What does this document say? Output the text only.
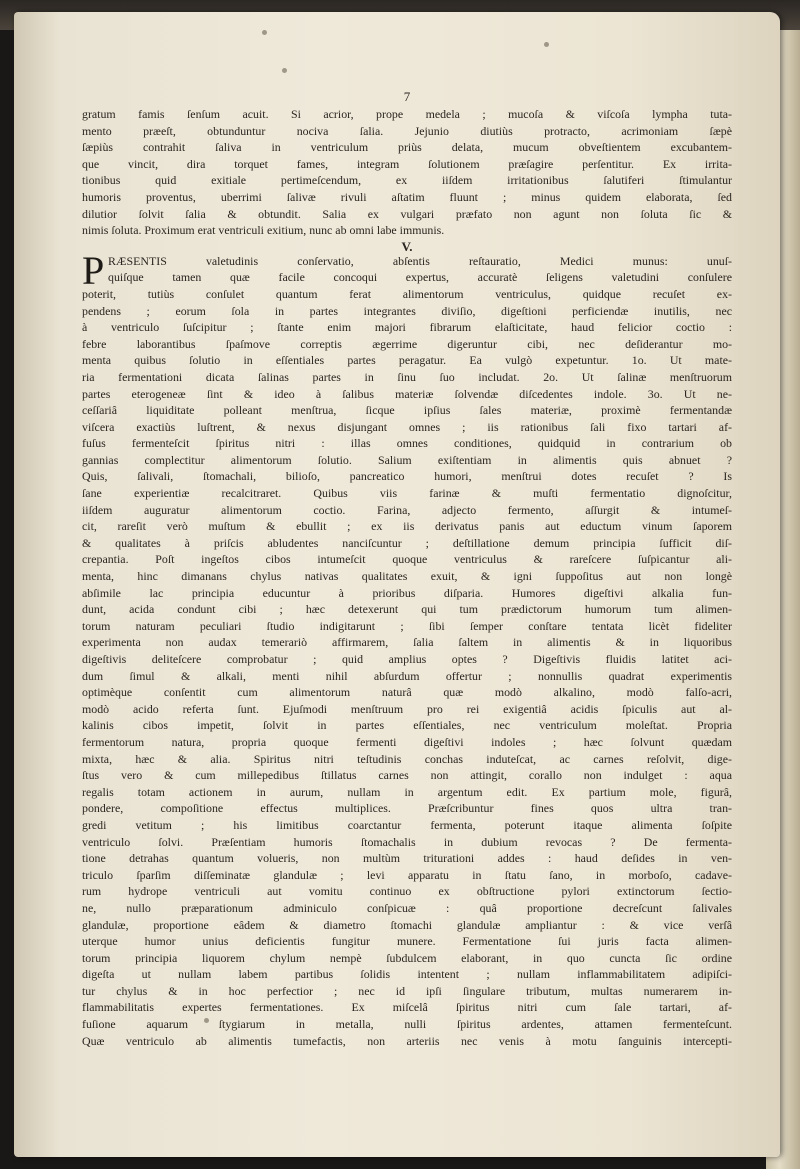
7
gratum famis ſenſum acuit. Si acrior, prope medela ; mucoſa & viſcoſa lympha tuta-
mento præeſt, obtunduntur nociva ſalia. Jejunio diutiùs protracto, acrimoniam ſæpè
ſæpiùs contrahit ſaliva in ventriculum priùs delata, mucum obveſtientem excubantem-
que vincit, dira torquet fames, integram ſolutionem præſagire perſentitur. Ex irrita-
tionibus quid exitiale pertimeſcendum, ex iiſdem irritationibus ſalutiferi ſtimulantur
humoris proventus, uberrimi ſalivæ rivuli aſtatim fluunt ; minus quidem elaborata, ſed
dilutior ſolvit ſalia & obtundit. Salia ex vulgari præfato non agunt non ſoluta ſic &
nimis ſoluta. Proximum erat ventriculi exitium, nunc ab omni labe immunis.
V.
P RÆSENTIS valetudinis conſervatio, abſentis reſtauratio, Medici munus: unuſ-
quiſque tamen quæ facile concoqui expertus, accuratè ſeligens valetudini conſulere
poterit, tutiùs conſulet quantum ferat alimentorum ventriculus, quidque recuſet ex-
pendens ; eorum ſola in partes integrantes diviſio, digeſtioni perficiendæ inutilis, nec
à ventriculo ſuſcipitur ; ſtante enim majori fibrarum elaſticitate, haud felicior coctio :
febre laborantibus ſpaſmove correptis ægerrime digeruntur cibi, nec deſiderantur mo-
menta quibus ſolutio in eſſentiales partes peragatur. Ea vulgò expetuntur. 1o. Ut mate-
ria fermentationi dicata ſalinas partes in ſinu ſuo includat. 2o. Ut ſalinæ menſtruorum
partes eterogeneæ ſint & ideo à ſalibus materiæ ſolvendæ diſcedentes indole. 3o. Ut ne-
ceſſariâ liquiditate polleant menſtrua, ſicque ipſius ſales materiæ, proximè fermentandæ
viſcera exactiùs luſtrent, & nexus disjungant omnes ; iis rationibus ſali fixo tartari af-
fuſus fermenteſcit ſpiritus nitri : illas omnes conditiones, quidquid in contrarium ob
gannias complectitur alimentorum ſolutio. Salium exiſtentiam in alimentis quis abnuet ?
Quis, ſalivali, ſtomachali, bilioſo, pancreatico humori, menſtrui dotes recuſet ? Is
ſane experientiæ recalcitraret. Quibus viis farinæ & muſti fermentatio dignoſcitur,
iiſdem auguratur alimentorum coctio. Farina, adjecto fermento, aſſurgit & intumeſ-
cit, rareſit verò muſtum & ebullit ; ex iis derivatus panis aut eductum vinum ſaporem
& qualitates à priſcis abludentes nanciſcuntur ; deſtillatione demum principia ſufficit diſ-
crepantia. Poſt ingeſtos cibos intumeſcit quoque ventriculus & rareſcere ſuſpicantur ali-
menta, hinc dimanans chylus nativas qualitates exuit, & igni ſuppoſitus aut non longè
abſimile lac principia educuntur à prioribus diſparia. Humores digeſtivi alkalia fun-
dunt, acida condunt cibi ; hæc detexerunt qui tum prædictorum humorum tum alimen-
torum naturam peculiari ſtudio indigitarunt ; ſibi ſemper conſtare tentata licèt fideliter
experimenta non audax temerariò affirmarem, ſalia ſaltem in alimentis & in liquoribus
digeſtivis deliteſcere comprobatur ; quid amplius optes ? Digeſtivis fluidis latitet aci-
dum ſimul & alkali, menti nihil abſurdum offertur ; nonnullis quadrat experimentis
optimèque conſentit cum alimentorum naturâ quæ modò alkalino, modò falſo-acri,
modò acido referta ſunt. Ejuſmodi menſtruum pro rei exigentiâ acidis ſpiculis aut al-
kalinis cibos impetit, ſolvit in partes eſſentiales, nec ventriculum moleſtat. Propria
fermentorum natura, propria quoque fermenti digeſtivi indoles ; hæc ſolvunt quædam
mixta, hæc & alia. Spiritus nitri teſtudinis conchas induteſcat, ac carnes reſolvit, dige-
ſtus vero & cum millepedibus ſtillatus carnes non attingit, corallo non indulget : aqua
regalis totam actionem in aurum, nullam in argentum edit. Ex partium mole, figurâ,
pondere, compoſitione effectus multiplices. Præſcribuntur fines quos ultra tran-
gredi vetitum ; his limitibus coarctantur fermenta, poterunt itaque alimenta ſoſpite
ventriculo ſolvi. Præſentiam humoris ſtomachalis in dubium revocas ? De fermenta-
tione detrahas quantum volueris, non multùm triturationi addes : haud deſides in ven-
triculo ſparſim diſſeminatæ glandulæ ; levi apparatu in ſtatu ſano, in morboſo, cadave-
rum hydrope ventriculi aut vomitu continuo ex obſtructione pylori extinctorum ſectio-
ne, nullo præparationum adminiculo conſpicuæ : quâ proportione decreſcunt ſalivales
glandulæ, proportione eâdem & diametro ſtomachi glandulæ ampliantur : & vice verſâ
uterque humor unius deficientis fungitur munere. Fermentatione ſui juris facta alimen-
torum principia liquorem chylum nempè ſubdulcem elaborant, in quo cuncta ſic ordine
digeſta ut nullam labem partibus ſolidis intentent ; nullam inflammabilitatem adipiſci-
tur chylus & in hoc perfectior ; nec id ipſi ſingulare tributum, multas numerarem in-
flammabilitatis expertes fermentationes. Ex miſcelâ ſpiritus nitri cum ſale tartari, af-
fuſione aquarum ſtygiarum in metalla, nulli ſpiritus ardentes, attamen fermenteſcunt.
Quæ ventriculo ab alimentis tumefactis, non arteriis nec venis à motu ſanguinis intercepti-
